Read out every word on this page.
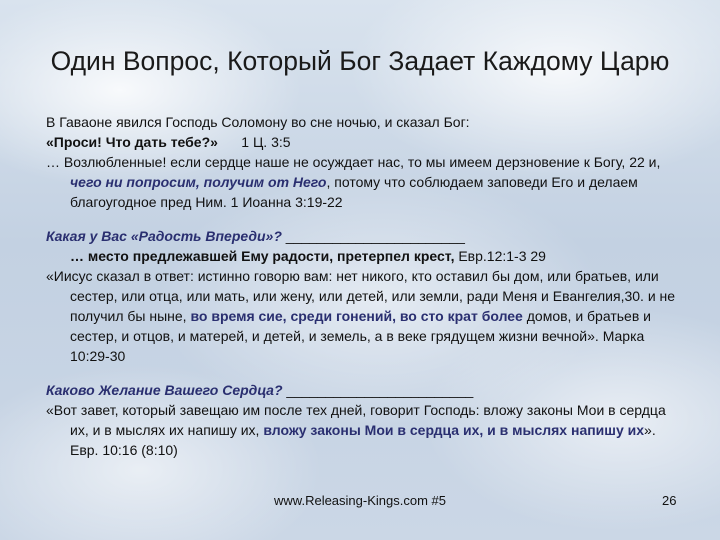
Один Вопрос, Который Бог Задает Каждому Царю

В Гаваоне явился Господь Соломону во сне ночью, и сказал Бог:

«Проси! Что дать тебе?» 1 Ц. 3:5

… Возлюбленные! если сердце наше не осуждает нас, то мы имеем дерзновение к Богу, 22 и, чего ни попросим, получим от Него, потому что соблюдаем заповеди Его и делаем благоугодное пред Ним. 1 Иоанна 3:19-22

Какая у Вас «Радость Впереди»? _______________________

… место предлежавшей Ему радости, претерпел крест, Евр.12:1-3 29

«Иисус сказал в ответ: истинно говорю вам: нет никого, кто оставил бы дом, или братьев, или сестер, или отца, или мать, или жену, или детей, или земли, ради Меня и Евангелия,30. и не получил бы ныне, во время сие, среди гонений, во сто крат более домов, и братьев и сестер, и отцов, и матерей, и детей, и земель, а в веке грядущем жизни вечной». Марка 10:29-30

Каково Желание Вашего Сердца? ________________________

«Вот завет, который завещаю им после тех дней, говорит Господь: вложу законы Мои в сердца их, и в мыслях их напишу их, вложу законы Мои в сердца их, и в мыслях напишу их». Евр. 10:16 (8:10)

www.Releasing-Kings.com #5	26
